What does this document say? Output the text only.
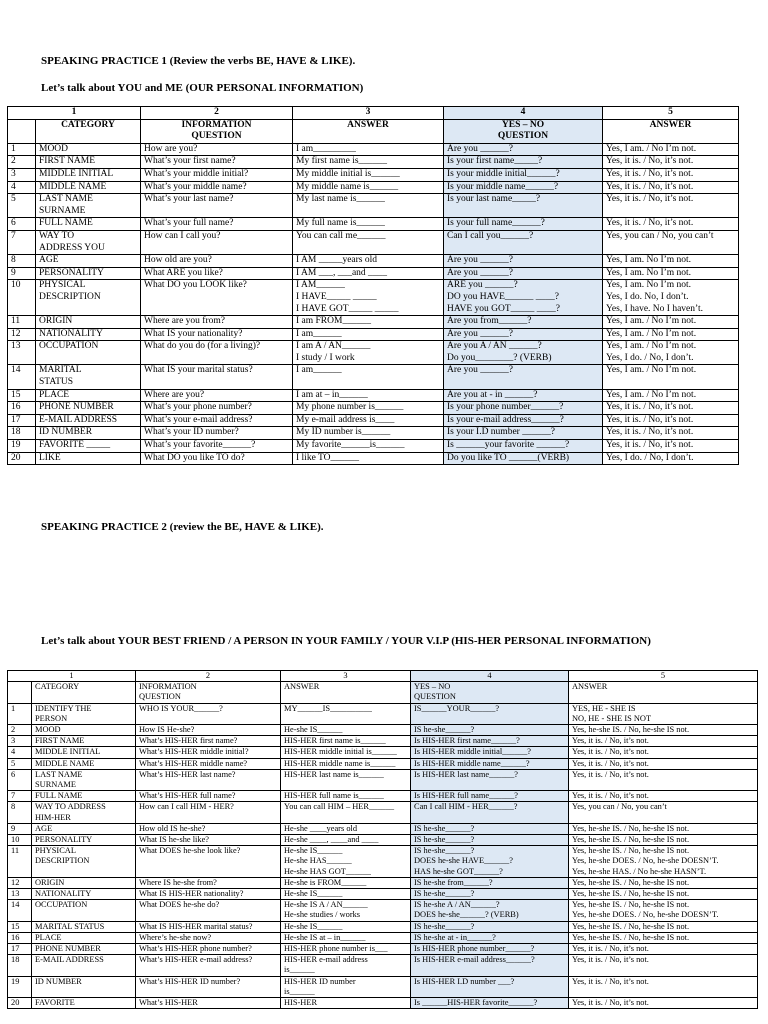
SPEAKING PRACTICE 1 (Review the verbs BE, HAVE & LIKE).
Let’s talk about YOU and ME (OUR PERSONAL INFORMATION)
1		2	3	4	5
	CATEGORY	INFORMATION
QUESTION	ANSWER	YES – NO
QUESTION	ANSWER
1	MOOD	How are you?	I am_________	Are you ______?	Yes, I am. / No I’m not.
2	FIRST NAME	What’s your first name?	My first name is______	Is your first name_____?	Yes, it is. / No, it’s not.
3	MIDDLE INITIAL	What’s your middle initial?	My middle initial is______	Is your middle initial______?	Yes, it is. / No, it’s not.
4	MIDDLE NAME	What’s your middle name?	My middle name is______	Is your middle name______?	Yes, it is. / No, it’s not.
5	LAST NAME
SURNAME	What’s your last name?	My last name is______	Is your last name_____?	Yes, it is. / No, it’s not.
6	FULL NAME	What’s your full name?	My full name is______	Is your full name______?	Yes, it is. / No, it’s not.
7	WAY TO
ADDRESS YOU	How can I call you?	You can call me______	Can I call you______?	Yes, you can / No, you can’t
8	AGE	How old are you?	I AM _____years old	Are you ______?	Yes, I am. No I’m not.
9	PERSONALITY	What ARE you like?	I AM ___, ___and ____	Are you ______?	Yes, I am. No I’m not.
10	PHYSICAL
DESCRIPTION	What DO you LOOK like?	I AM______
I HAVE_____ _____
I HAVE GOT_____ _____	ARE you ______?
DO you HAVE______ ____?
HAVE you GOT_____ ____?	Yes, I am. No I’m not.
Yes, I do. No, I don’t.
Yes, I have. No I haven’t.
11	ORIGIN	Where are you from?	I am FROM______	Are you from______?	Yes, I am. / No I’m not.
12	NATIONALITY	What IS your nationality?	I am______	Are you ______?	Yes, I am. / No I’m not.
13	OCCUPATION	What do you do (for a living)?	I am A / AN______
I study / I work	Are you A / AN ______?
Do you________? (VERB)	Yes, I am. / No I’m not.
Yes, I do. / No, I don’t.
14	MARITAL
STATUS	What IS your marital status?	I am______	Are you ______?	Yes, I am. / No I’m not.
15	PLACE	Where are you?	I am at – in______	Are you at - in ______?	Yes, I am. / No I’m not.
16	PHONE NUMBER	What’s your phone number?	My phone number is______	Is your phone number______?	Yes, it is. / No, it’s not.
17	E-MAIL ADDRESS	What’s your e-mail address?	My e-mail address is____	Is your e-mail address______?	Yes, it is. / No, it’s not.
18	ID NUMBER	What’s your ID number?	My ID number is______	Is your I.D number ______?	Yes, it is. / No, it’s not.
19	FAVORITE _____	What’s your favorite______?	My favorite______is______	Is ______your favorite ______?	Yes, it is. / No, it’s not.
20	LIKE	What DO you like TO do?	I like TO______	Do you like TO ______(VERB)	Yes, I do. / No, I don’t.
SPEAKING PRACTICE 2 (review the BE, HAVE & LIKE).
Let’s talk about YOUR BEST FRIEND / A PERSON IN YOUR FAMILY / YOUR V.I.P (HIS-HER PERSONAL INFORMATION)
1		2	3	4	5
	CATEGORY	INFORMATION
QUESTION	ANSWER	YES – NO
QUESTION	ANSWER
1	IDENTIFY THE
PERSON	WHO IS YOUR______?	MY______IS__________	IS______YOUR______?	YES, HE - SHE IS
NO, HE - SHE IS NOT
2	MOOD	How IS He-she?	He-she IS______	IS he-she______?	Yes, he-she IS. / No, he-she IS not.
3	FIRST NAME	What’s HIS-HER first name?	HIS-HER first name is______	Is HIS-HER first name______?	Yes, it is. / No, it’s not.
4	MIDDLE INITIAL	What’s HIS-HER middle initial?	HIS-HER middle initial is______	Is HIS-HER middle initial______?	Yes, it is. / No, it’s not.
5	MIDDLE NAME	What’s HIS-HER middle name?	HIS-HER middle name is______	Is HIS-HER middle name______?	Yes, it is. / No, it’s not.
6	LAST NAME
SURNAME	What’s HIS-HER last name?	HIS-HER last name is______	Is HIS-HER last name______?	Yes, it is. / No, it’s not.
7	FULL NAME	What’s HIS-HER full name?	HIS-HER full name is______	Is HIS-HER full name______?	Yes, it is. / No, it’s not.
8	WAY TO ADDRESS
HIM-HER	How can I call HIM - HER?	You can call HIM – HER______	Can I call HIM - HER______?	Yes, you can / No, you can’t
9	AGE	How old IS he-she?	He-she ____years old	IS he-she______?	Yes, he-she IS. / No, he-she IS not.
10	PERSONALITY	What IS he-she like?	He-she ____, ____and ____	IS he-she______?	Yes, he-she IS. / No, he-she IS not.
11	PHYSICAL
DESCRIPTION	What DOES he-she look like?	He-she IS______
He-she HAS______
He-she HAS GOT______	IS he-she______?
DOES he-she HAVE______?
HAS he-she GOT______?	Yes, he-she IS. / No, he-she IS not.
Yes, he-she DOES. / No, he-she DOESN’T.
Yes, he-she HAS. / No he-she HASN’T.
12	ORIGIN	Where IS he-she from?	He-she is FROM______	IS he-she from______?	Yes, he-she IS. / No, he-she IS not.
13	NATIONALITY	What IS HIS-HER nationality?	He-she IS______	IS he-she______?	Yes, he-she IS. / No, he-she IS not.
14	OCCUPATION	What DOES he-she do?	He-she IS A / AN______
He-she studies / works	IS he-she A / AN______?
DOES he-she______? (VERB)	Yes, he-she IS. / No, he-she IS not.
Yes, he-she DOES. / No, he-she DOESN’T.
15	MARITAL STATUS	What IS HIS-HER marital status?	He-she IS______	IS he-she______?	Yes, he-she IS. / No, he-she IS not.
16	PLACE	Where’s he-she now?	He-she IS at – in______	IS he-she at - in______?	Yes, he-she IS. / No, he-she IS not.
17	PHONE NUMBER	What’s HIS-HER phone number?	HIS-HER phone number is___	Is HIS-HER phone number______?	Yes, it is. / No, it’s not.
18	E-MAIL ADDRESS	What’s HIS-HER e-mail address?	HIS-HER e-mail address
is______	Is HIS-HER e-mail address______?	Yes, it is. / No, it’s not.
19	ID NUMBER	What’s HIS-HER ID number?	HIS-HER ID number
is______	Is HIS-HER I.D number ___?	Yes, it is. / No, it’s not.
20	FAVORITE	What’s HIS-HER	HIS-HER	Is ______HIS-HER favorite______?	Yes, it is. / No, it’s not.
